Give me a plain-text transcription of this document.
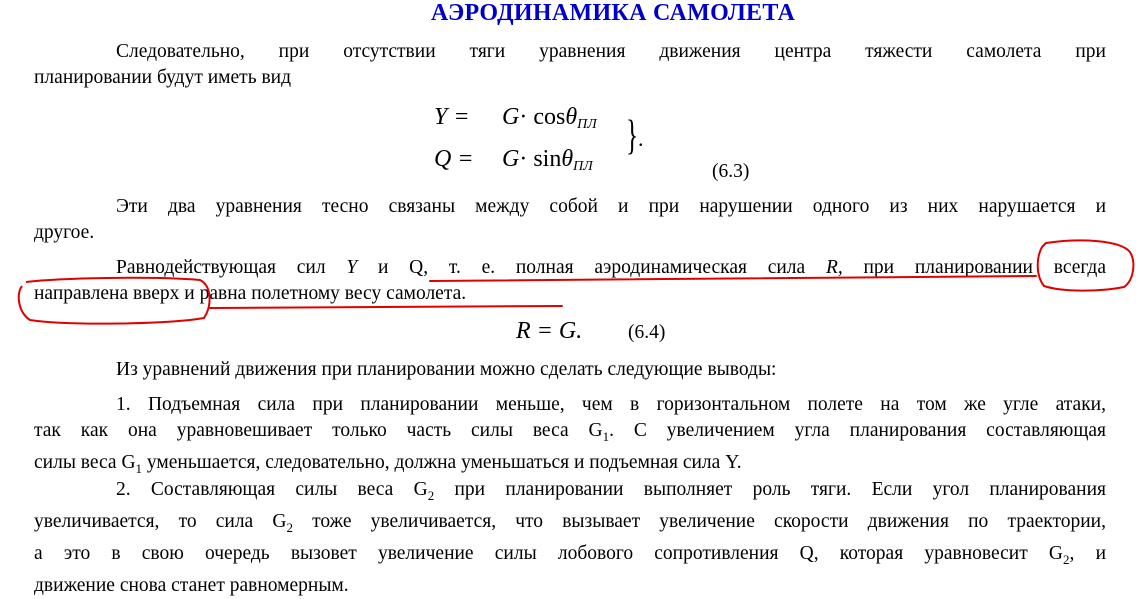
АЭРОДИНАМИКА САМОЛЕТА
Следовательно, при отсутствии тяги уравнения движения центра тяжести самолета при
планировании будут иметь вид
Y = G· cosθ$_{ПЛ}$
Q = G· sinθ$_{ПЛ}$
} .
(6.3)
Эти два уравнения тесно связаны между собой и при нарушении одного из них нарушается и
другое.
Равнодействующая сил Y и Q, т. е. полная аэродинамическая сила R, при планировании всегда
направлена вверх и равна полетному весу самолета.
R = G. (6.4)
Из уравнений движения при планировании можно сделать следующие выводы:
1. Подъемная сила при планировании меньше, чем в горизонтальном полете на том же угле атаки,
так как она уравновешивает только часть силы веса $G_1$. С увеличением угла планирования составляющая
силы веса $G_1$ уменьшается, следовательно, должна уменьшаться и подъемная сила Y.
2. Составляющая силы веса $G_2$ при планировании выполняет роль тяги. Если угол планирования
увеличивается, то сила $G_2$ тоже увеличивается, что вызывает увеличение скорости движения по траектории,
а это в свою очередь вызовет увеличение силы лобового сопротивления Q, которая уравновесит $G_2$, и
движение снова станет равномерным.
